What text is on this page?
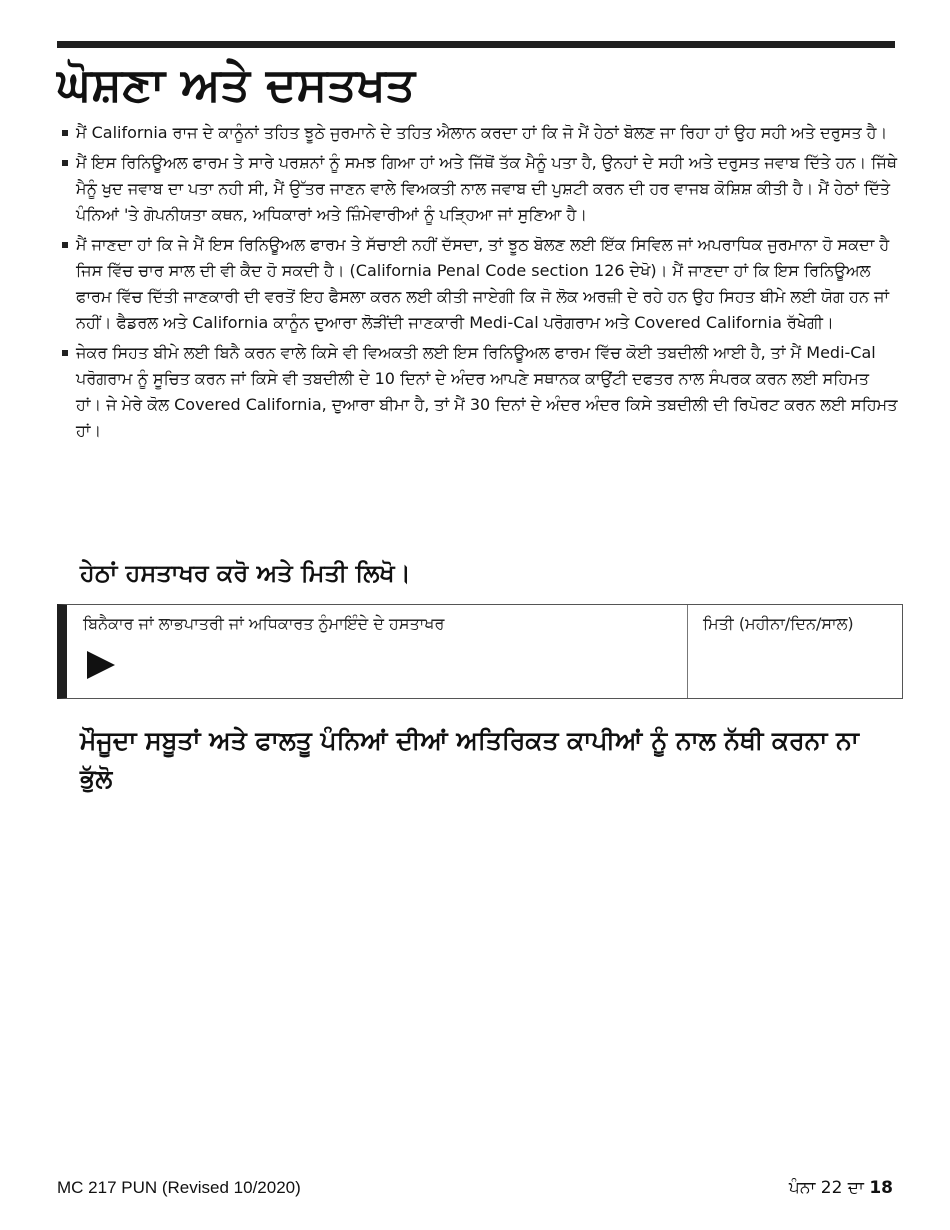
ਘੋਸ਼ਣਾ ਅਤੇ ਦਸਤਖਤ
ਮੈਂ California ਰਾਜ ਦੇ ਕਾਨੂੰਨਾਂ ਤਹਿਤ ਝੂਠੇ ਜੁਰਮਾਨੇ ਦੇ ਤਹਿਤ ਐਲਾਨ ਕਰਦਾ ਹਾਂ ਕਿ ਜੋ ਮੈਂ ਹੇਠਾਂ ਬੋਲਣ ਜਾ ਰਿਹਾ ਹਾਂ ਉਹ ਸਹੀ ਅਤੇ ਦਰੁਸਤ ਹੈ।
ਮੈਂ ਇਸ ਰਿਨਿਊਅਲ ਫਾਰਮ ਤੇ ਸਾਰੇ ਪਰਸ਼ਨਾਂ ਨੂੰ ਸਮਝ ਗਿਆ ਹਾਂ ਅਤੇ ਜਿੱਥੋਂ ਤੱਕ ਮੈਨੂੰ ਪਤਾ ਹੈ, ਉਨਹਾਂ ਦੇ ਸਹੀ ਅਤੇ ਦਰੁਸਤ ਜਵਾਬ ਦਿੱਤੇ ਹਨ। ਜਿੱਥੇ ਮੈਨੂੰ ਖੁਦ ਜਵਾਬ ਦਾ ਪਤਾ ਨਹੀ ਸੀ, ਮੈਂ ਉੱਤਰ ਜਾਣਨ ਵਾਲੇ ਵਿਅਕਤੀ ਨਾਲ ਜਵਾਬ ਦੀ ਪੁਸ਼ਟੀ ਕਰਨ ਦੀ ਹਰ ਵਾਜਬ ਕੋਸ਼ਿਸ਼ ਕੀਤੀ ਹੈ। ਮੈਂ ਹੇਠਾਂ ਦਿੱਤੇ ਪੰਨਿਆਂ 'ਤੇ ਗੋਪਨੀਯਤਾ ਕਥਨ, ਅਧਿਕਾਰਾਂ ਅਤੇ ਜ਼ਿੰਮੇਵਾਰੀਆਂ ਨੂੰ ਪੜ੍ਹਿਆ ਜਾਂ ਸੁਣਿਆ ਹੈ।
ਮੈਂ ਜਾਣਦਾ ਹਾਂ ਕਿ ਜੇ ਮੈਂ ਇਸ ਰਿਨਿਊਅਲ ਫਾਰਮ ਤੇ ਸੱਚਾਈ ਨਹੀਂ ਦੱਸਦਾ, ਤਾਂ ਝੂਠ ਬੋਲਣ ਲਈ ਇੱਕ ਸਿਵਿਲ ਜਾਂ ਅਪਰਾਧਿਕ ਜੁਰਮਾਨਾ ਹੋ ਸਕਦਾ ਹੈ ਜਿਸ ਵਿੱਚ ਚਾਰ ਸਾਲ ਦੀ ਵੀ ਕੈਦ ਹੋ ਸਕਦੀ ਹੈ। (California Penal Code section 126 ਦੇਖੋ)। ਮੈਂ ਜਾਣਦਾ ਹਾਂ ਕਿ ਇਸ ਰਿਨਿਊਅਲ ਫਾਰਮ ਵਿੱਚ ਦਿੱਤੀ ਜਾਣਕਾਰੀ ਦੀ ਵਰਤੋਂ ਇਹ ਫੈਸਲਾ ਕਰਨ ਲਈ ਕੀਤੀ ਜਾਏਗੀ ਕਿ ਜੋ ਲੋਕ ਅਰਜ਼ੀ ਦੇ ਰਹੇ ਹਨ ਉਹ ਸਿਹਤ ਬੀਮੇ ਲਈ ਯੋਗ ਹਨ ਜਾਂ ਨਹੀਂ। ਫੈਡਰਲ ਅਤੇ California ਕਾਨੂੰਨ ਦੁਆਰਾ ਲੋੜੀਂਦੀ ਜਾਣਕਾਰੀ Medi-Cal ਪਰੋਗਰਾਮ ਅਤੇ Covered California ਰੱਖੇਗੀ।
ਜੇਕਰ ਸਿਹਤ ਬੀਮੇ ਲਈ ਬਿਨੈ ਕਰਨ ਵਾਲੇ ਕਿਸੇ ਵੀ ਵਿਅਕਤੀ ਲਈ ਇਸ ਰਿਨਿਊਅਲ ਫਾਰਮ ਵਿੱਚ ਕੋਈ ਤਬਦੀਲੀ ਆਈ ਹੈ, ਤਾਂ ਮੈਂ Medi-Cal ਪਰੋਗਰਾਮ ਨੂੰ ਸੂਚਿਤ ਕਰਨ ਜਾਂ ਕਿਸੇ ਵੀ ਤਬਦੀਲੀ ਦੇ 10 ਦਿਨਾਂ ਦੇ ਅੰਦਰ ਆਪਣੇ ਸਥਾਨਕ ਕਾਉਂਟੀ ਦਫਤਰ ਨਾਲ ਸੰਪਰਕ ਕਰਨ ਲਈ ਸਹਿਮਤ ਹਾਂ। ਜੇ ਮੇਰੇ ਕੋਲ Covered California, ਦੁਆਰਾ ਬੀਮਾ ਹੈ, ਤਾਂ ਮੈਂ 30 ਦਿਨਾਂ ਦੇ ਅੰਦਰ ਅੰਦਰ ਕਿਸੇ ਤਬਦੀਲੀ ਦੀ ਰਿਪੋਰਟ ਕਰਨ ਲਈ ਸਹਿਮਤ ਹਾਂ।
ਹੇਠਾਂ ਹਸਤਾਖਰ ਕਰੋ ਅਤੇ ਮਿਤੀ ਲਿਖੋ।
ਬਿਨੈਕਾਰ ਜਾਂ ਲਾਭਪਾਤਰੀ ਜਾਂ ਅਧਿਕਾਰਤ ਨੁੰਮਾਇੰਦੇ ਦੇ ਹਸਤਾਖਰ	ਮਿਤੀ (ਮਹੀਨਾ/ਦਿਨ/ਸਾਲ)
ਮੌਜੂਦਾ ਸਬੂਤਾਂ ਅਤੇ ਫਾਲਤੂ ਪੰਨਿਆਂ ਦੀਆਂ ਅਤਿਰਿਕਤ ਕਾਪੀਆਂ ਨੂੰ ਨਾਲ ਨੱਥੀ ਕਰਨਾ ਨਾ ਭੁੱਲੋ
MC 217 PUN (Revised 10/2020)	ਪੰਨਾ 22 ਦਾ 18
